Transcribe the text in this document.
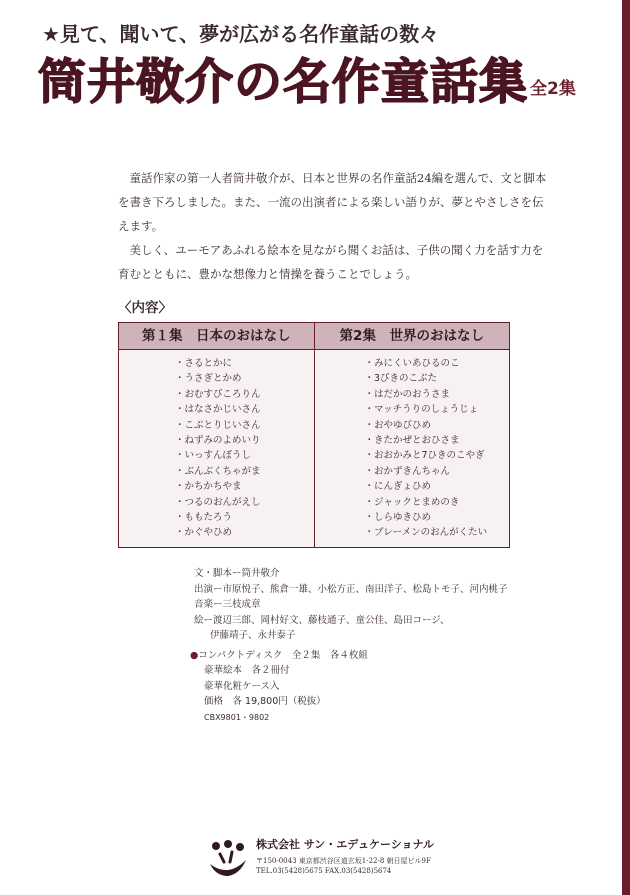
★見て、聞いて、夢が広がる名作童話の数々
筒井敬介の名作童話集 全2集

童話作家の第一人者筒井敬介が、日本と世界の名作童話24編を選んで、文と脚本を書き下ろしました。また、一流の出演者による楽しい語りが、夢とやさしさを伝えます。

美しく、ユーモアあふれる絵本を見ながら聞くお話は、子供の聞く力を話す力を育むとともに、豊かな想像力と情操を養うことでしょう。

〈内容〉
第１集　日本のおはなし
・ さるとかに
・ うさぎとかめ
・ おむすびころりん
・ はなさかじいさん
・ こぶとりじいさん
・ ねずみのよめいり
・ いっすんぼうし
・ ぶんぶくちゃがま
・ かちかちやま
・ つるのおんがえし
・ ももたろう
・ かぐやひめ
第2集　世界のおはなし
・ みにくいあひるのこ
・ 3びきのこぶた
・ はだかのおうさま
・ マッチうりのしょうじょ
・ おやゆびひめ
・ きたかぜとおひさま
・ おおかみと7ひきのこやぎ
・ おかずきんちゃん
・ にんぎょひめ
・ ジャックとまめのき
・ しらゆきひめ
・ ブレーメンのおんがくたい
文・脚本ー筒井敬介
出演ー市原悦子、熊倉一雄、小松方正、南田洋子、松島トモ子、河内桃子
音楽ー三枝成章
絵ー渡辺三郎、岡村好文、藤枝通子、童公佳、島田コージ、
伊藤靖子、永井泰子
●コンパクトディスク　全２集　各４枚組
豪華絵本　各２冊付
豪華化粧ケース入
価格　各 19,800円（税抜）
CBX9801・9802
株式会社 サン・エデュケーショナル
〒150-0043 東京都渋谷区道玄坂1-22-8 朝日屋ビル9F
TEL.03(5428)5675 FAX.03(5428)5674
